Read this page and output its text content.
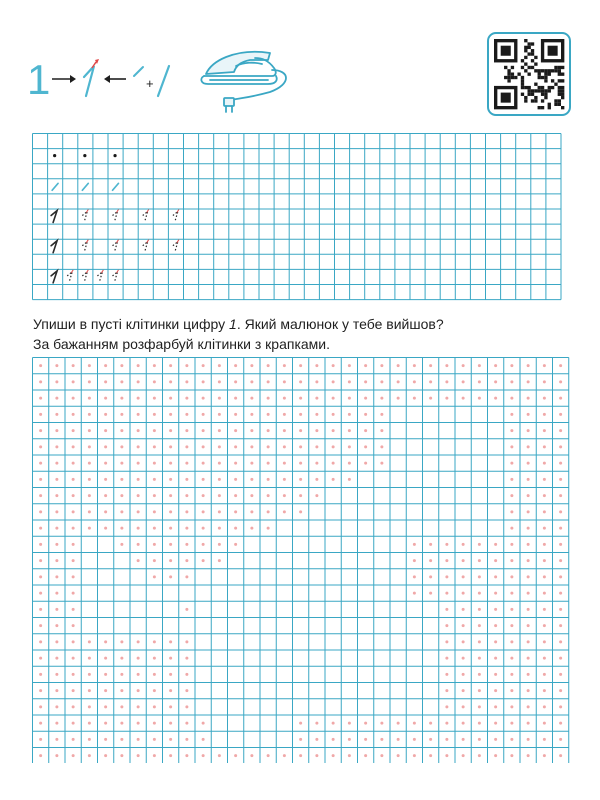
1	+

Упиши в пусті клітинки цифру 1. Який малюнок у тебе вийшов?

За бажанням розфарбуй клітинки з крапками.
